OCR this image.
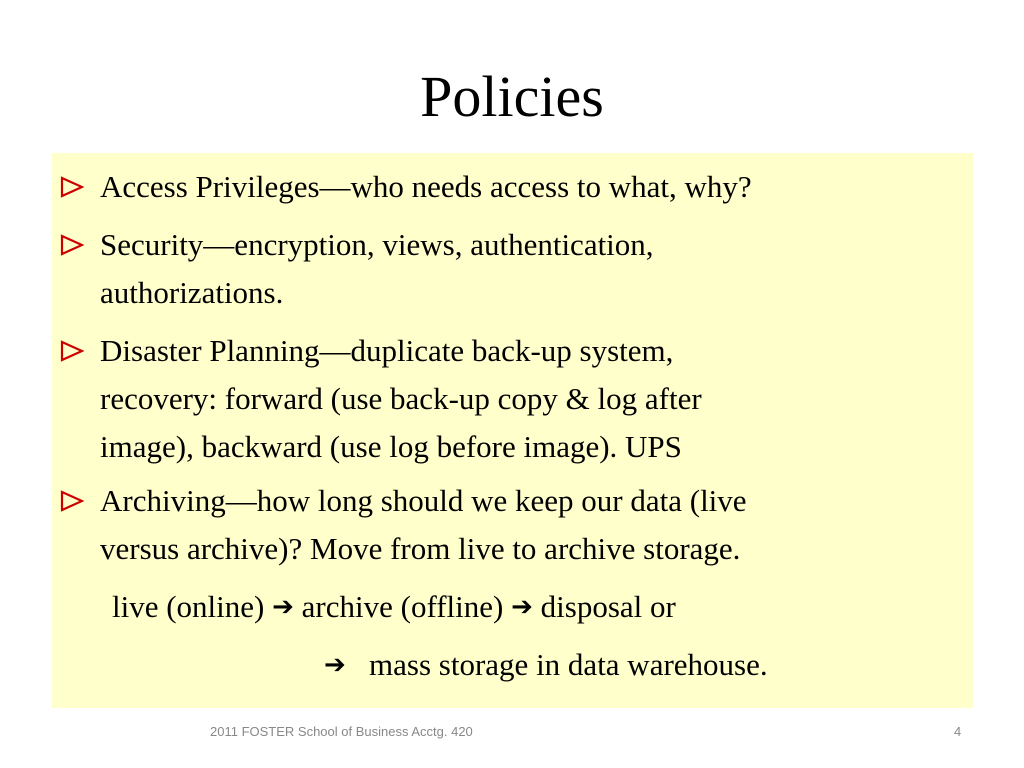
Policies
Access Privileges—who needs access to what, why?
Security—encryption, views, authentication,
authorizations.
Disaster Planning—duplicate back-up system,
recovery: forward (use back-up copy & log after
image), backward (use log before image). UPS
Archiving—how long should we keep our data (live
versus archive)? Move from live to archive storage.
live (online) ➔ archive (offline) ➔ disposal or
➔ mass storage in data warehouse.
2011 FOSTER School of Business Acctg. 420	4
